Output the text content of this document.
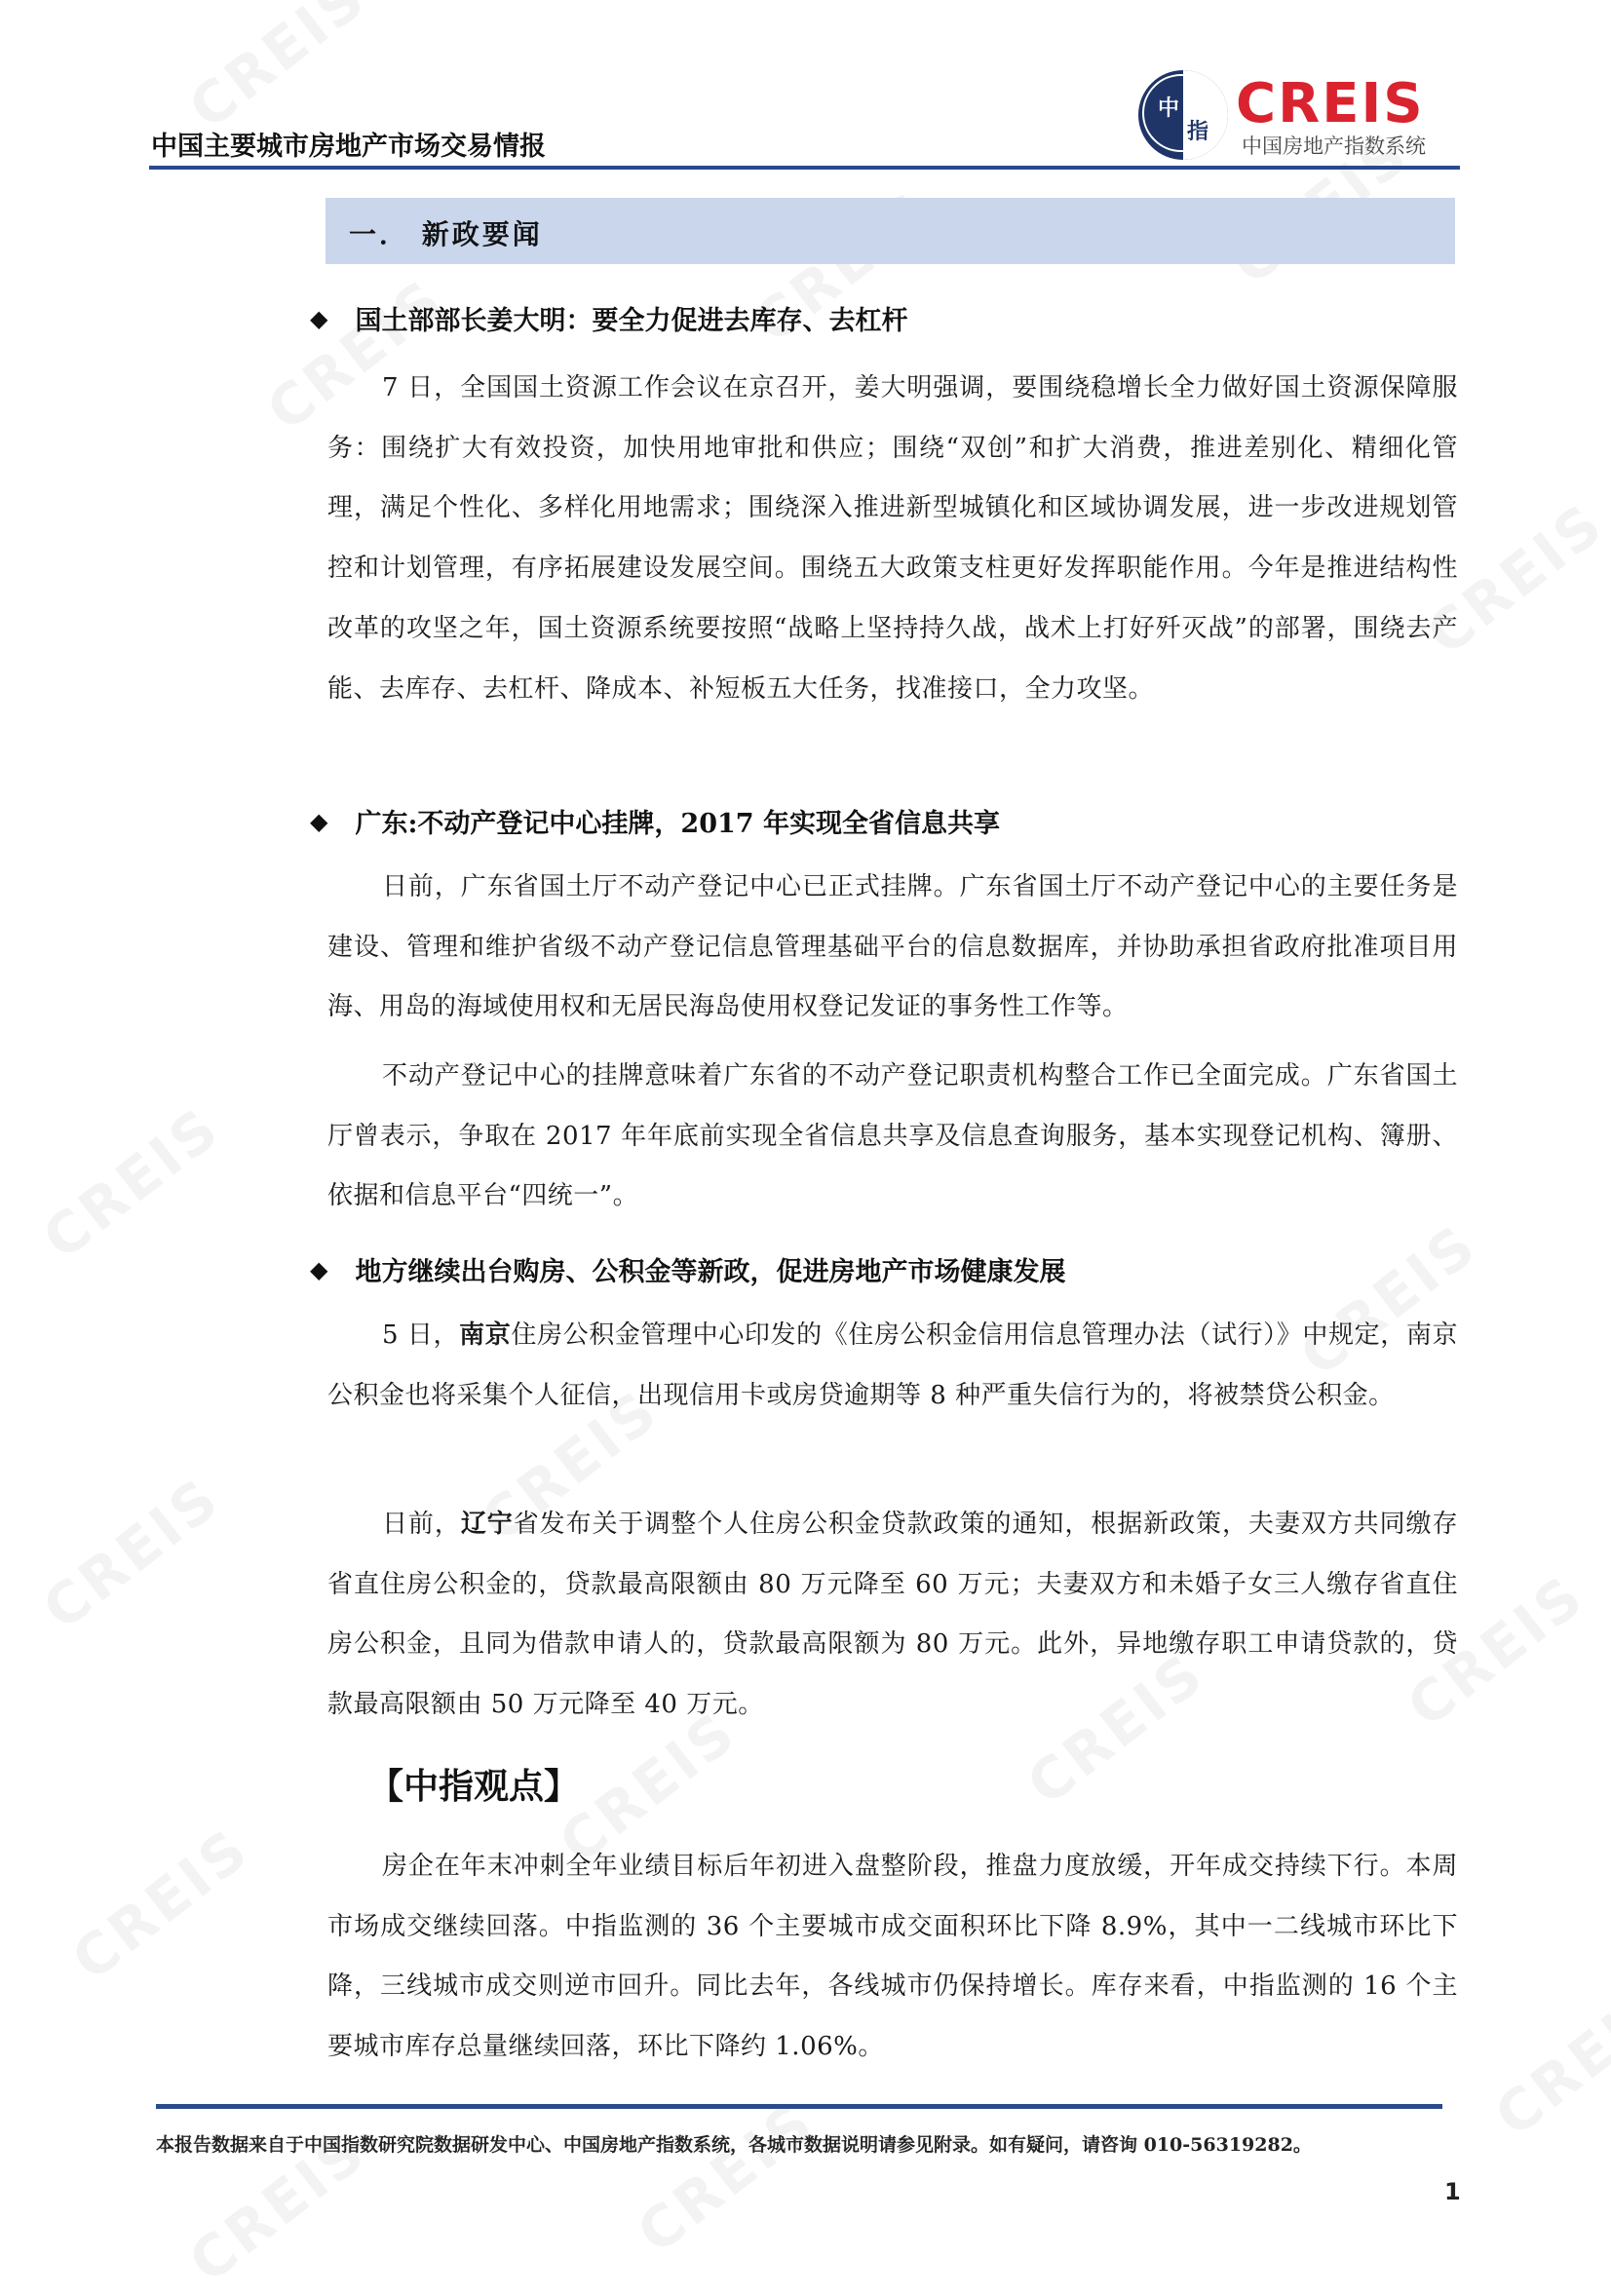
中国主要城市房地产市场交易情报
中
指 CREIS
中国房地产指数系统
一． 新政要闻
◆ 国土部部长姜大明：要全力促进去库存、去杠杆

7 日，全国国土资源工作会议在京召开，姜大明强调，要围绕稳增长全力做好国土资源保障服务：围绕扩大有效投资，加快用地审批和供应；围绕“双创”和扩大消费，推进差别化、精细化管理，满足个性化、多样化用地需求；围绕深入推进新型城镇化和区域协调发展，进一步改进规划管控和计划管理，有序拓展建设发展空间。围绕五大政策支柱更好发挥职能作用。今年是推进结构性改革的攻坚之年，国土资源系统要按照“战略上坚持持久战，战术上打好歼灭战”的部署，围绕去产能、去库存、去杠杆、降成本、补短板五大任务，找准接口，全力攻坚。

◆ 广东:不动产登记中心挂牌，2017 年实现全省信息共享

日前，广东省国土厅不动产登记中心已正式挂牌。广东省国土厅不动产登记中心的主要任务是建设、管理和维护省级不动产登记信息管理基础平台的信息数据库，并协助承担省政府批准项目用海、用岛的海域使用权和无居民海岛使用权登记发证的事务性工作等。

不动产登记中心的挂牌意味着广东省的不动产登记职责机构整合工作已全面完成。广东省国土厅曾表示，争取在 2017 年年底前实现全省信息共享及信息查询服务，基本实现登记机构、簿册、依据和信息平台“四统一”。

◆ 地方继续出台购房、公积金等新政，促进房地产市场健康发展

5 日，南京住房公积金管理中心印发的《住房公积金信用信息管理办法（试行）》中规定，南京公积金也将采集个人征信，出现信用卡或房贷逾期等 8 种严重失信行为的，将被禁贷公积金。

日前，辽宁省发布关于调整个人住房公积金贷款政策的通知，根据新政策，夫妻双方共同缴存省直住房公积金的，贷款最高限额由 80 万元降至 60 万元；夫妻双方和未婚子女三人缴存省直住房公积金，且同为借款申请人的，贷款最高限额为 80 万元。此外，异地缴存职工申请贷款的，贷款最高限额由 50 万元降至 40 万元。

【中指观点】

房企在年末冲刺全年业绩目标后年初进入盘整阶段，推盘力度放缓，开年成交持续下行。本周市场成交继续回落。中指监测的 36 个主要城市成交面积环比下降 8.9%，其中一二线城市环比下降，三线城市成交则逆市回升。同比去年，各线城市仍保持增长。库存来看，中指监测的 16 个主要城市库存总量继续回落，环比下降约 1.06%。

本报告数据来自于中国指数研究院数据研发中心、中国房地产指数系统，各城市数据说明请参见附录。如有疑问，请咨询 010-56319282。
1
